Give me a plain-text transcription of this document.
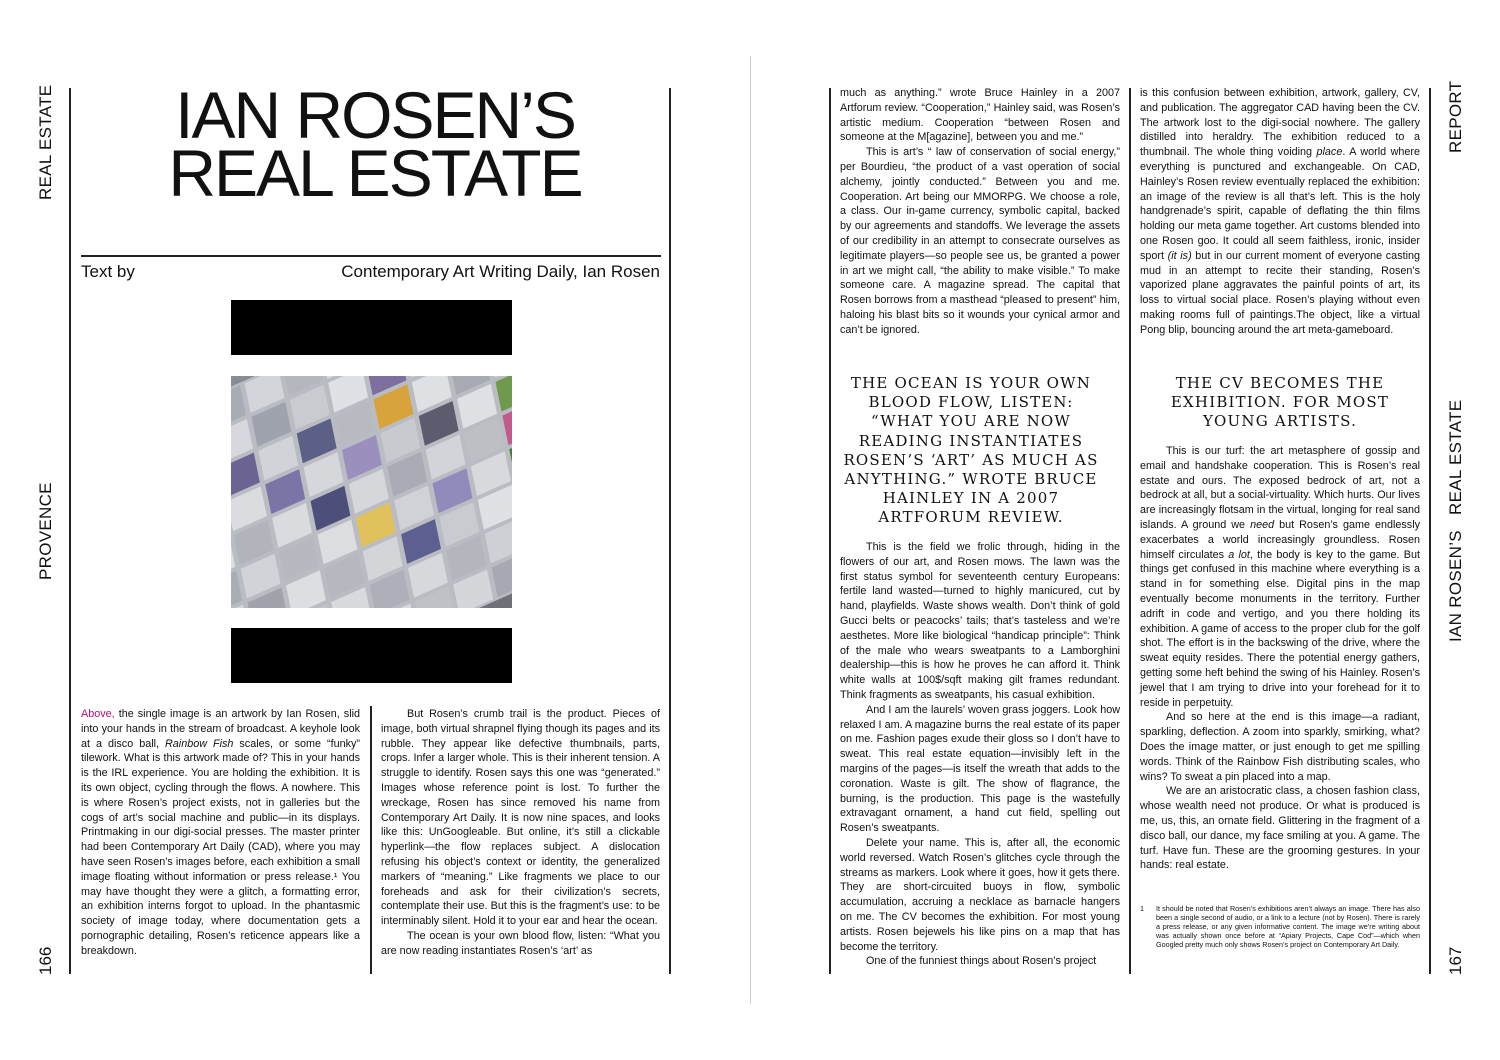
REAL ESTATE
PROVENCE
166
IAN ROSEN’S
REAL ESTATE
Text by	Contemporary Art Writing Daily, Ian Rosen

Above, the single image is an artwork by Ian Rosen, slid into your hands in the stream of broadcast. A keyhole look at a disco ball, Rainbow Fish scales, or some “funky” tilework. What is this artwork made of? This in your hands is the IRL experience. You are holding the exhibition. It is its own object, cycling through the flows. A nowhere. This is where Rosen’s project exists, not in galleries but the cogs of art’s social machine and public—in its displays. Printmaking in our digi-social presses. The master printer had been Contemporary Art Daily (CAD), where you may have seen Rosen’s images before, each exhibition a small image floating without information or press release.¹ You may have thought they were a glitch, a formatting error, an exhibition interns forgot to upload. In the phantasmic society of image today, where documentation gets a pornographic detailing, Rosen’s reticence appears like a breakdown.

But Rosen’s crumb trail is the product. Pieces of image, both virtual shrapnel flying though its pages and its rubble. They appear like defective thumbnails, parts, crops. Infer a larger whole. This is their inherent tension. A struggle to identify. Rosen says this one was “generated.” Images whose reference point is lost. To further the wreckage, Rosen has since removed his name from Contemporary Art Daily. It is now nine spaces, and looks like this: UnGoogleable. But online, it’s still a clickable hyperlink—the flow replaces subject. A dislocation refusing his object’s context or identity, the generalized markers of “meaning.” Like fragments we place to our foreheads and ask for their civilization’s secrets, contemplate their use. But this is the fragment’s use: to be interminably silent. Hold it to your ear and hear the ocean.

The ocean is your own blood flow, listen: “What you are now reading instantiates Rosen’s ‘art’ as

REPORT
IAN ROSEN’S   REAL ESTATE
167

much as anything.” wrote Bruce Hainley in a 2007 Artforum review. “Cooperation,” Hainley said, was Rosen’s artistic medium. Cooperation “between Rosen and someone at the M[agazine], between you and me.”

This is art’s “ law of conservation of social energy,” per Bourdieu, “the product of a vast operation of social alchemy, jointly conducted.” Between you and me. Cooperation. Art being our MMORPG. We choose a role, a class. Our in-game currency, symbolic capital, backed by our agreements and standoffs. We leverage the assets of our credibility in an attempt to consecrate ourselves as legitimate players—so people see us, be granted a power in art we might call, “the ability to make visible.” To make someone care. A magazine spread. The capital that Rosen borrows from a masthead “pleased to present” him, haloing his blast bits so it wounds your cynical armor and can’t be ignored.

THE OCEAN IS YOUR OWN BLOOD FLOW, LISTEN: “WHAT YOU ARE NOW READING INSTANTIATES ROSEN’S ‘ART’ AS MUCH AS ANYTHING.” WROTE BRUCE HAINLEY IN A 2007 ARTFORUM REVIEW.

This is the field we frolic through, hiding in the flowers of our art, and Rosen mows. The lawn was the first status symbol for seventeenth century Europeans: fertile land wasted—turned to highly manicured, cut by hand, playfields. Waste shows wealth. Don’t think of gold Gucci belts or peacocks’ tails; that’s tasteless and we’re aesthetes. More like biological “handicap principle”: Think of the male who wears sweatpants to a Lamborghini dealership—this is how he proves he can afford it. Think white walls at 100$/sqft making gilt frames redundant. Think fragments as sweatpants, his casual exhibition.

And I am the laurels’ woven grass joggers. Look how relaxed I am. A magazine burns the real estate of its paper on me. Fashion pages exude their gloss so I don’t have to sweat. This real estate equation—invisibly left in the margins of the pages—is itself the wreath that adds to the coronation. Waste is gilt. The show of flagrance, the burning, is the production. This page is the wastefully extravagant ornament, a hand cut field, spelling out Rosen’s sweatpants.

Delete your name. This is, after all, the economic world reversed. Watch Rosen’s glitches cycle through the streams as markers. Look where it goes, how it gets there. They are short-circuited buoys in flow, symbolic accumulation, accruing a necklace as barnacle hangers on me. The CV becomes the exhibition. For most young artists. Rosen bejewels his like pins on a map that has become the territory.

One of the funniest things about Rosen’s project

is this confusion between exhibition, artwork, gallery, CV, and publication. The aggregator CAD having been the CV. The artwork lost to the digi-social nowhere. The gallery distilled into heraldry. The exhibition reduced to a thumbnail. The whole thing voiding place. A world where everything is punctured and exchangeable. On CAD, Hainley’s Rosen review eventually replaced the exhibition: an image of the review is all that’s left. This is the holy handgrenade’s spirit, capable of deflating the thin films holding our meta game together. Art customs blended into one Rosen goo. It could all seem faithless, ironic, insider sport (it is) but in our current moment of everyone casting mud in an attempt to recite their standing, Rosen’s vaporized plane aggravates the painful points of art, its loss to virtual social place. Rosen’s playing without even making rooms full of paintings.The object, like a virtual Pong blip, bouncing around the art meta-gameboard.

THE CV BECOMES THE EXHIBITION. FOR MOST YOUNG ARTISTS.

This is our turf: the art metasphere of gossip and email and handshake cooperation. This is Rosen’s real estate and ours. The exposed bedrock of art, not a bedrock at all, but a social-virtuality. Which hurts. Our lives are increasingly flotsam in the virtual, longing for real sand islands. A ground we need but Rosen’s game endlessly exacerbates a world increasingly groundless. Rosen himself circulates a lot, the body is key to the game. But things get confused in this machine where everything is a stand in for something else. Digital pins in the map eventually become monuments in the territory. Further adrift in code and vertigo, and you there holding its exhibition. A game of access to the proper club for the golf shot. The effort is in the backswing of the drive, where the sweat equity resides. There the potential energy gathers, getting some heft behind the swing of his Hainley. Rosen’s jewel that I am trying to drive into your forehead for it to reside in perpetuity.

And so here at the end is this image—a radiant, sparkling, deflection. A zoom into sparkly, smirking, what? Does the image matter, or just enough to get me spilling words. Think of the Rainbow Fish distributing scales, who wins? To sweat a pin placed into a map.

We are an aristocratic class, a chosen fashion class, whose wealth need not produce. Or what is produced is me, us, this, an ornate field. Glittering in the fragment of a disco ball, our dance, my face smiling at you. A game. The turf. Have fun. These are the grooming gestures. In your hands: real estate.

1 It should be noted that Rosen’s exhibitions aren’t always an image. There has also been a single second of audio, or a link to a lecture (not by Rosen). There is rarely a press release, or any given informative content. The image we’re writing about was actually shown once before at “Apiary Projects, Cape Cod”—which when Googled pretty much only shows Rosen’s project on Contemporary Art Daily.
